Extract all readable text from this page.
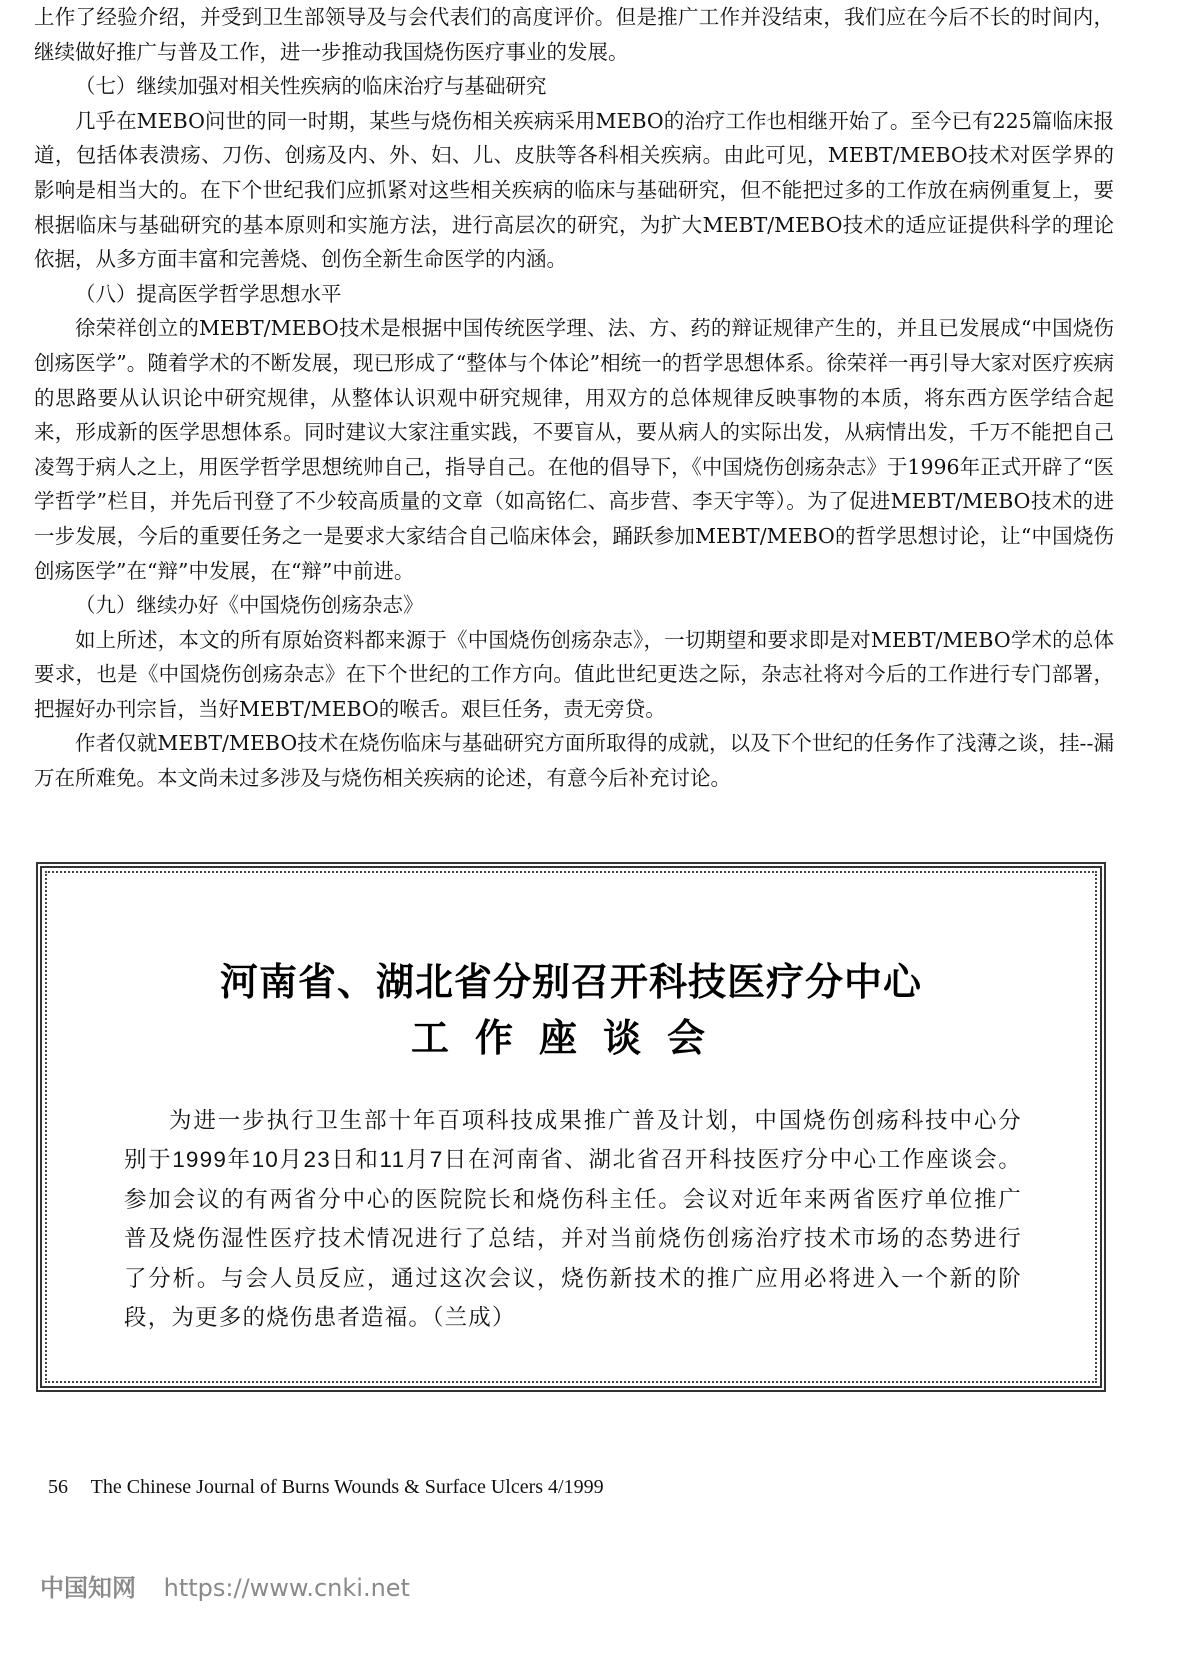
上作了经验介绍，并受到卫生部领导及与会代表们的高度评价。但是推广工作并没结束，我们应在今后不长的时间内，继续做好推广与普及工作，进一步推动我国烧伤医疗事业的发展。

（七）继续加强对相关性疾病的临床治疗与基础研究

几乎在MEBO问世的同一时期，某些与烧伤相关疾病采用MEBO的治疗工作也相继开始了。至今已有225篇临床报道，包括体表溃疡、刀伤、创疡及内、外、妇、儿、皮肤等各科相关疾病。由此可见，MEBT/MEBO技术对医学界的影响是相当大的。在下个世纪我们应抓紧对这些相关疾病的临床与基础研究，但不能把过多的工作放在病例重复上，要根据临床与基础研究的基本原则和实施方法，进行高层次的研究，为扩大MEBT/MEBO技术的适应证提供科学的理论依据，从多方面丰富和完善烧、创伤全新生命医学的内涵。

（八）提高医学哲学思想水平

徐荣祥创立的MEBT/MEBO技术是根据中国传统医学理、法、方、药的辩证规律产生的，并且已发展成“中国烧伤创疡医学”。随着学术的不断发展，现已形成了“整体与个体论”相统一的哲学思想体系。徐荣祥一再引导大家对医疗疾病的思路要从认识论中研究规律，从整体认识观中研究规律，用双方的总体规律反映事物的本质，将东西方医学结合起来，形成新的医学思想体系。同时建议大家注重实践，不要盲从，要从病人的实际出发，从病情出发，千万不能把自己凌驾于病人之上，用医学哲学思想统帅自己，指导自己。在他的倡导下，《中国烧伤创疡杂志》于1996年正式开辟了“医学哲学”栏目，并先后刊登了不少较高质量的文章（如高铭仁、高步营、李天宇等）。为了促进MEBT/MEBO技术的进一步发展，今后的重要任务之一是要求大家结合自己临床体会，踊跃参加MEBT/MEBO的哲学思想讨论，让“中国烧伤创疡医学”在“辩”中发展，在“辩”中前进。

（九）继续办好《中国烧伤创疡杂志》

如上所述，本文的所有原始资料都来源于《中国烧伤创疡杂志》，一切期望和要求即是对MEBT/MEBO学术的总体要求，也是《中国烧伤创疡杂志》在下个世纪的工作方向。值此世纪更迭之际，杂志社将对今后的工作进行专门部署，把握好办刊宗旨，当好MEBT/MEBO的喉舌。艰巨任务，责无旁贷。

作者仅就MEBT/MEBO技术在烧伤临床与基础研究方面所取得的成就，以及下个世纪的任务作了浅薄之谈，挂--漏万在所难免。本文尚未过多涉及与烧伤相关疾病的论述，有意今后补充讨论。

河南省、湖北省分别召开科技医疗分中心
工作座谈会

为进一步执行卫生部十年百项科技成果推广普及计划，中国烧伤创疡科技中心分别于1999年10月23日和11月7日在河南省、湖北省召开科技医疗分中心工作座谈会。参加会议的有两省分中心的医院院长和烧伤科主任。会议对近年来两省医疗单位推广普及烧伤湿性医疗技术情况进行了总结，并对当前烧伤创疡治疗技术市场的态势进行了分析。与会人员反应，通过这次会议，烧伤新技术的推广应用必将进入一个新的阶段，为更多的烧伤患者造福。（兰成）

56 The Chinese Journal of Burns Wounds & Surface Ulcers 4/1999
中国知网 https://www.cnki.net
